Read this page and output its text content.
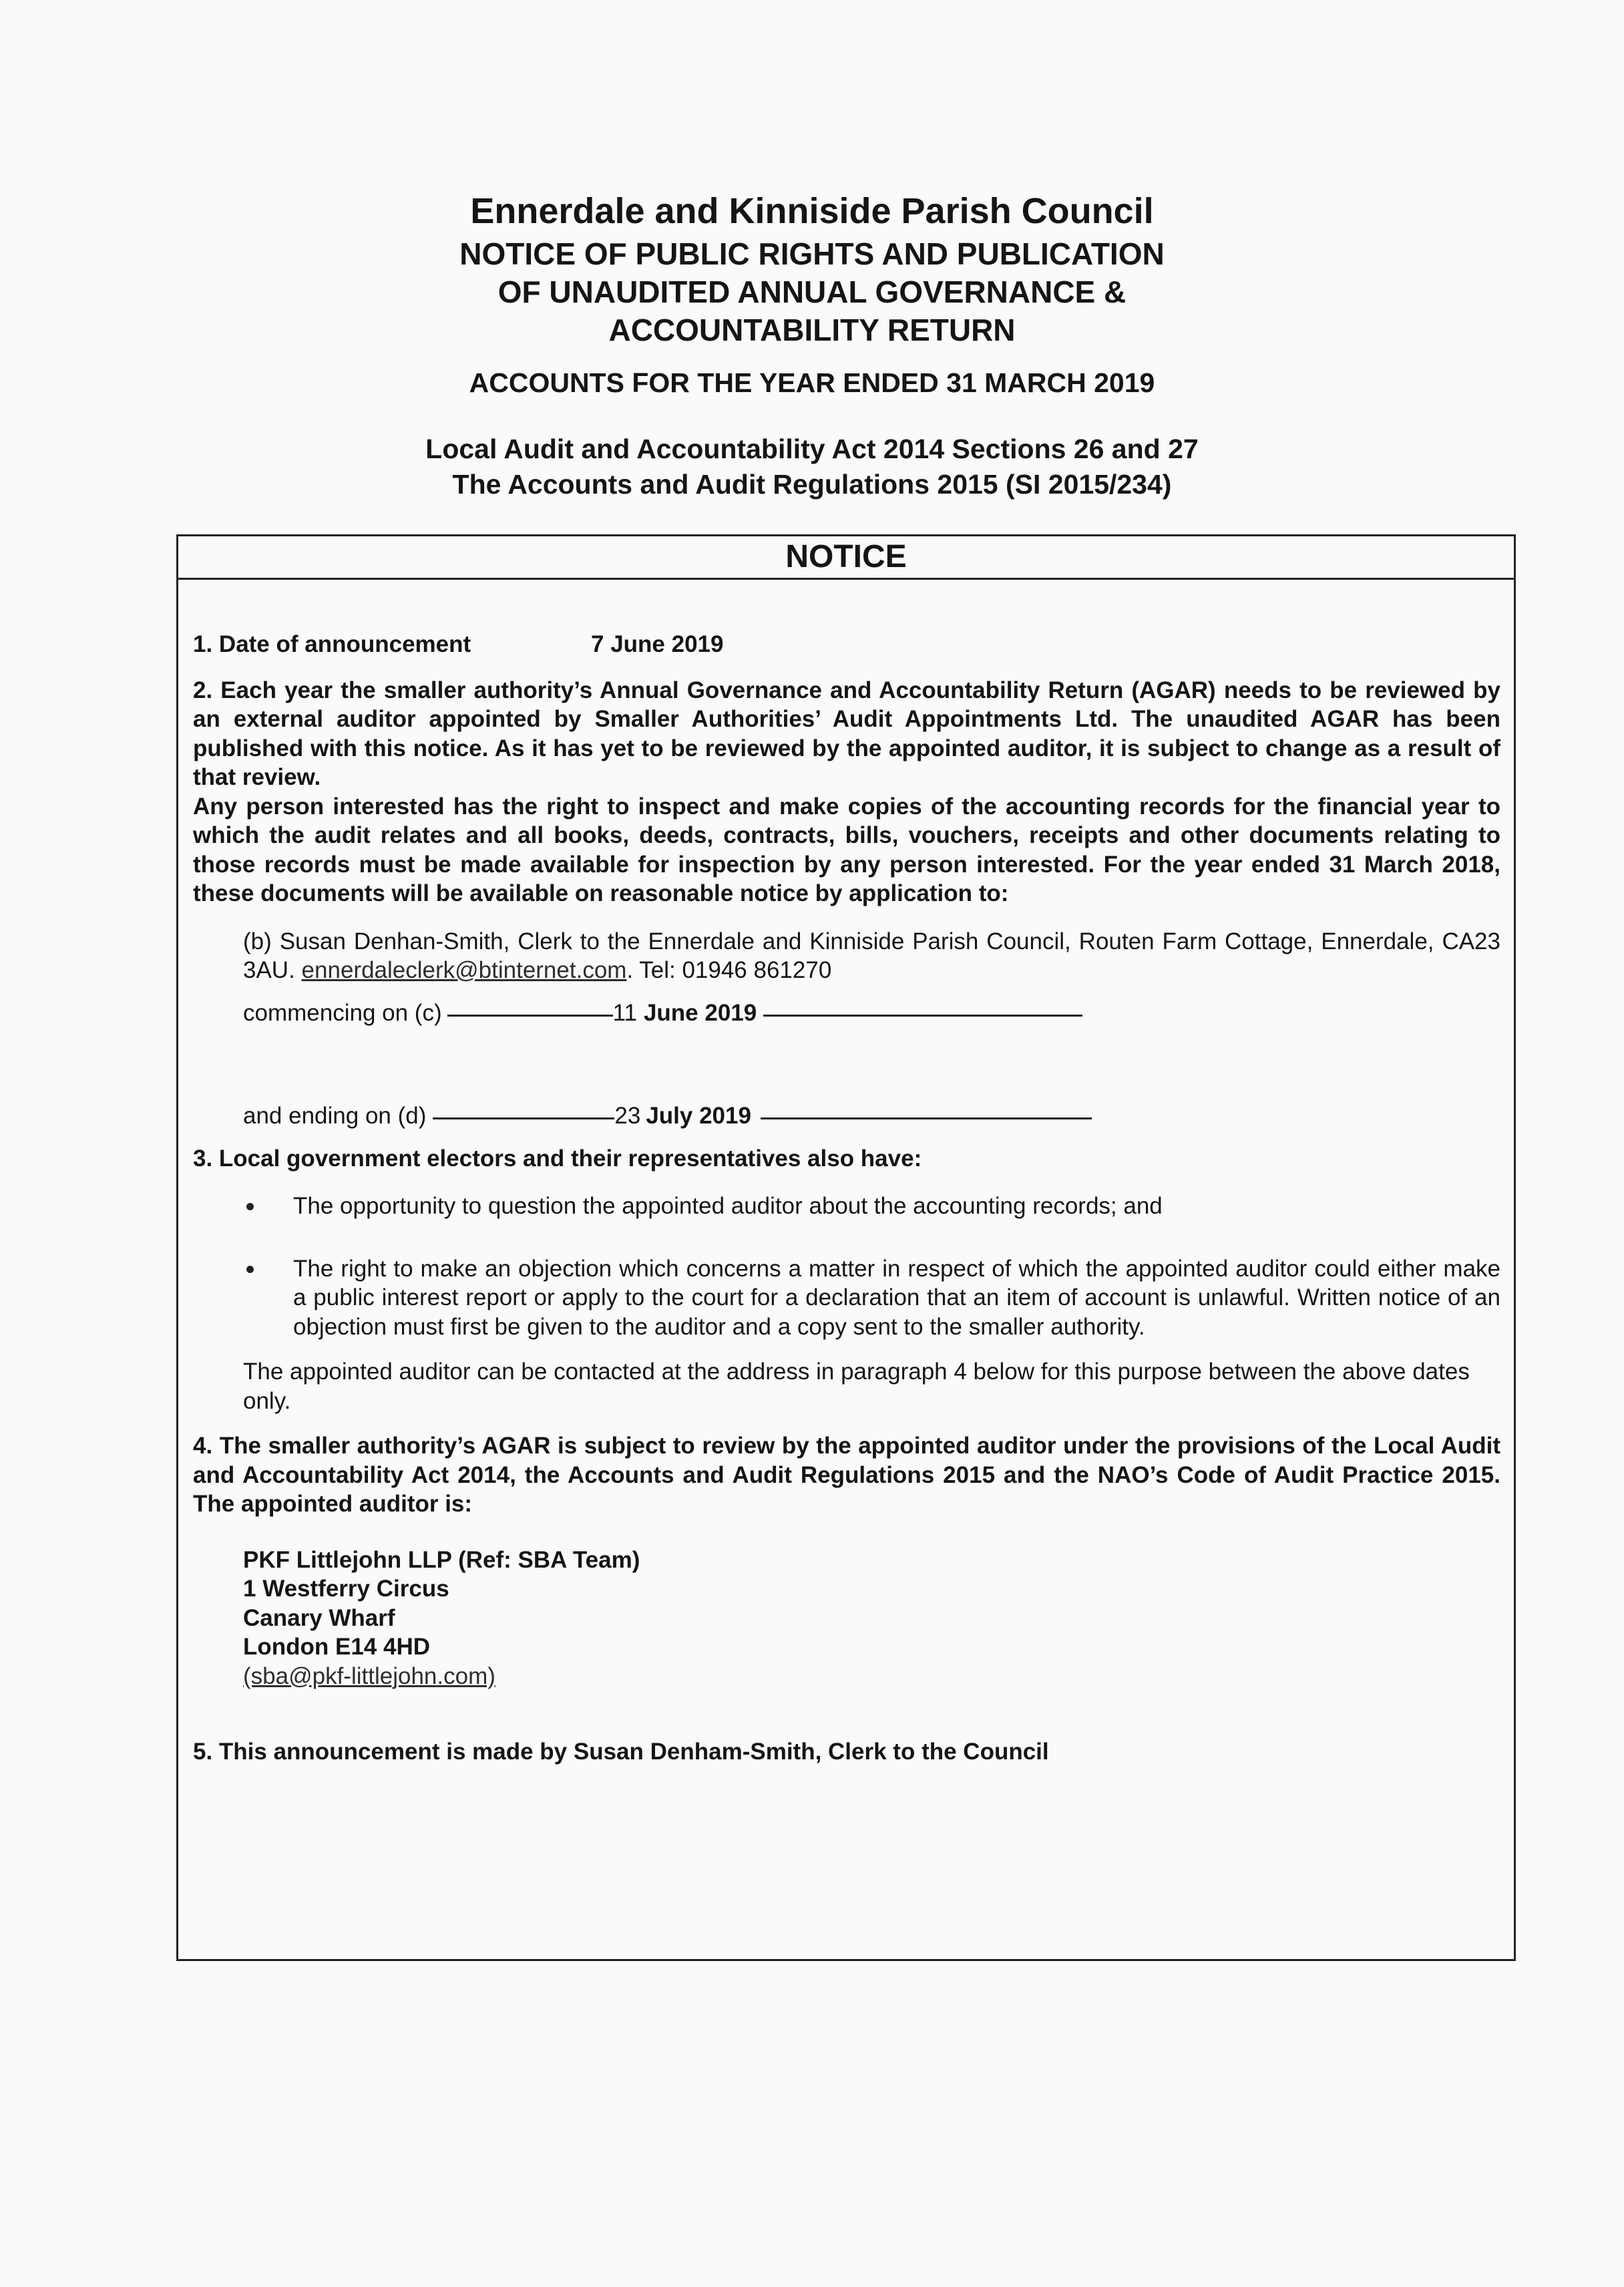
Ennerdale and Kinniside Parish Council
NOTICE OF PUBLIC RIGHTS AND PUBLICATION
OF UNAUDITED ANNUAL GOVERNANCE &
ACCOUNTABILITY RETURN
ACCOUNTS FOR THE YEAR ENDED 31 MARCH 2019
Local Audit and Accountability Act 2014 Sections 26 and 27
The Accounts and Audit Regulations 2015 (SI 2015/234)
NOTICE
1. Date of announcement	7 June 2019

2. Each year the smaller authority’s Annual Governance and Accountability Return (AGAR) needs to be reviewed by an external auditor appointed by Smaller Authorities’ Audit Appointments Ltd. The unaudited AGAR has been published with this notice. As it has yet to be reviewed by the appointed auditor, it is subject to change as a result of that review.

Any person interested has the right to inspect and make copies of the accounting records for the financial year to which the audit relates and all books, deeds, contracts, bills, vouchers, receipts and other documents relating to those records must be made available for inspection by any person interested. For the year ended 31 March 2018, these documents will be available on reasonable notice by application to:

(b) Susan Denhan-Smith, Clerk to the Ennerdale and Kinniside Parish Council, Routen Farm Cottage, Ennerdale, CA23 3AU. ennerdaleclerk@btinternet.com. Tel: 01946 861270

commencing on (c)	11 June 2019
and ending on (d)	23 July 2019

3. Local government electors and their representatives also have:

The opportunity to question the appointed auditor about the accounting records; and
The right to make an objection which concerns a matter in respect of which the appointed auditor could either make a public interest report or apply to the court for a declaration that an item of account is unlawful. Written notice of an objection must first be given to the auditor and a copy sent to the smaller authority.

The appointed auditor can be contacted at the address in paragraph 4 below for this purpose between the above dates only.

4. The smaller authority’s AGAR is subject to review by the appointed auditor under the provisions of the Local Audit and Accountability Act 2014, the Accounts and Audit Regulations 2015 and the NAO’s Code of Audit Practice 2015. The appointed auditor is:

PKF Littlejohn LLP (Ref: SBA Team)
1 Westferry Circus
Canary Wharf
London E14 4HD
(sba@pkf-littlejohn.com)

5. This announcement is made by Susan Denham-Smith, Clerk to the Council
